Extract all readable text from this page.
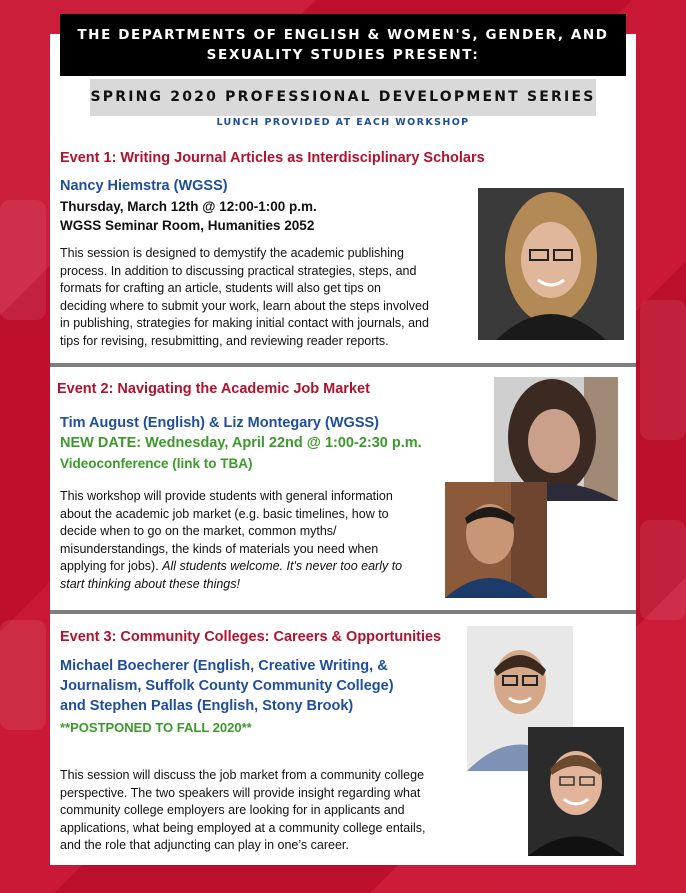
THE DEPARTMENTS OF ENGLISH & WOMEN'S, GENDER, AND
SEXUALITY STUDIES PRESENT:
SPRING 2020 PROFESSIONAL DEVELOPMENT SERIES
LUNCH PROVIDED AT EACH WORKSHOP
Event 1: Writing Journal Articles as Interdisciplinary Scholars
Nancy Hiemstra (WGSS)
Thursday, March 12th @ 12:00-1:00 p.m.
WGSS Seminar Room, Humanities 2052
This session is designed to demystify the academic publishing
process. In addition to discussing practical strategies, steps, and
formats for crafting an article, students will also get tips on
deciding where to submit your work, learn about the steps involved
in publishing, strategies for making initial contact with journals, and
tips for revising, resubmitting, and reviewing reader reports.
Event 2: Navigating the Academic Job Market
Tim August (English) & Liz Montegary (WGSS)
NEW DATE: Wednesday, April 22nd @ 1:00-2:30 p.m.
Videoconference (link to TBA)
This workshop will provide students with general information
about the academic job market (e.g. basic timelines, how to
decide when to go on the market, common myths/
misunderstandings, the kinds of materials you need when
applying for jobs). All students welcome. It's never too early to
start thinking about these things!
Event 3: Community Colleges: Careers & Opportunities
Michael Boecherer (English, Creative Writing, &
Journalism, Suffolk County Community College)
and Stephen Pallas (English, Stony Brook)
**POSTPONED TO FALL 2020**
This session will discuss the job market from a community college
perspective. The two speakers will provide insight regarding what
community college employers are looking for in applicants and
applications, what being employed at a community college entails,
and the role that adjuncting can play in one’s career.
